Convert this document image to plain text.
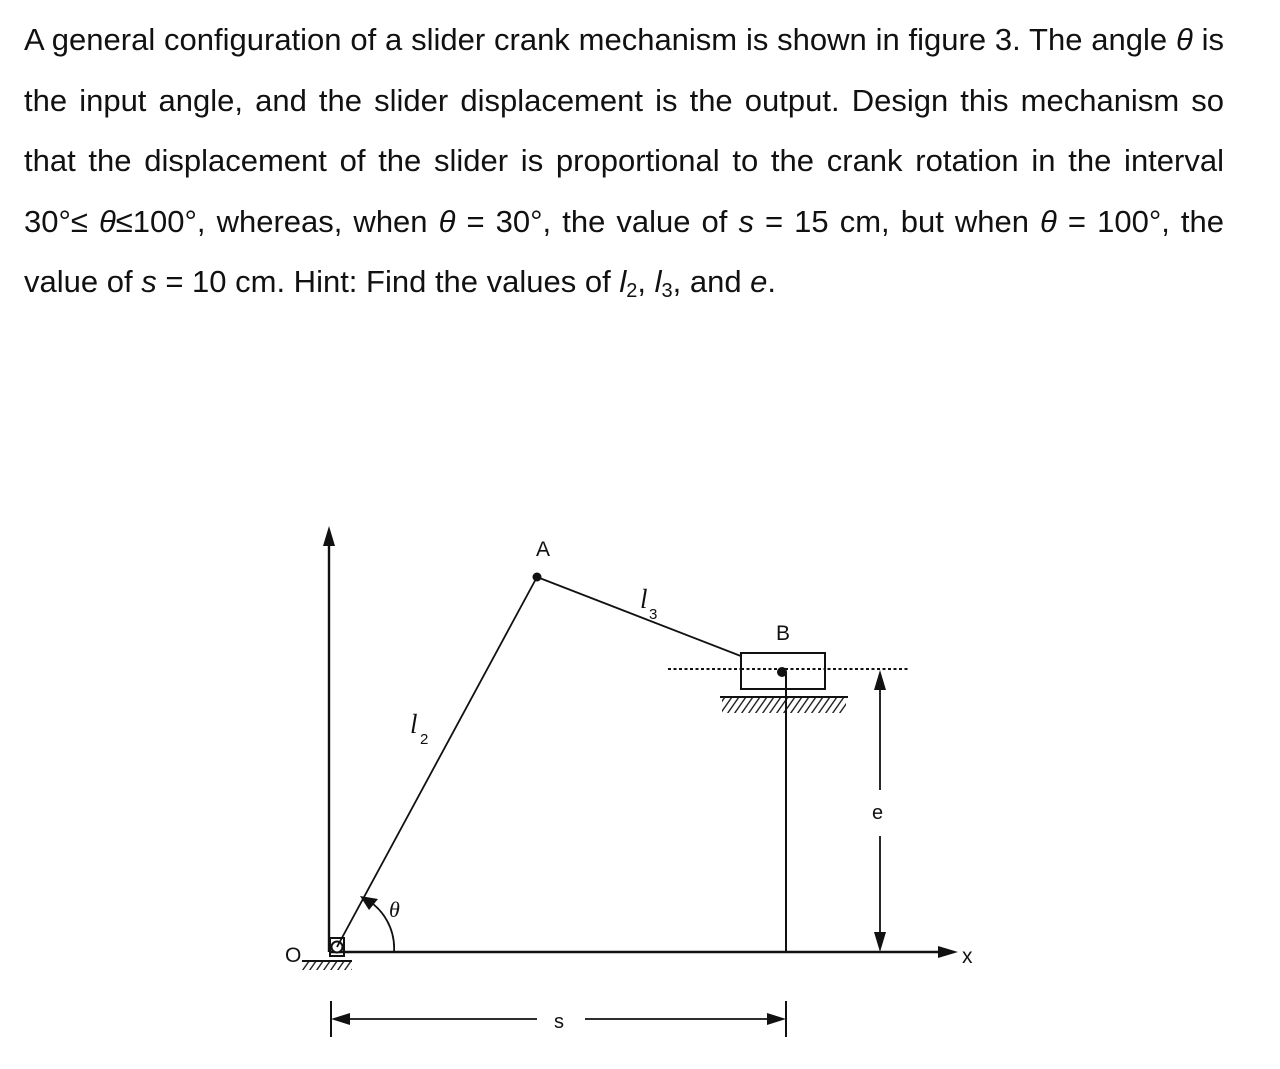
A general configuration of a slider crank mechanism is shown in figure 3. The angle θ is the input angle, and the slider displacement is the output. Design this mechanism so that the displacement of the slider is proportional to the crank rotation in the interval 30°≤ θ≤100°, whereas, when θ = 30°, the value of s = 15 cm, but when θ = 100°, the value of s = 10 cm. Hint: Find the values of $l_2$, $l_3$, and e.
O
A
B
l
2
l
3
θ
e
x
s
